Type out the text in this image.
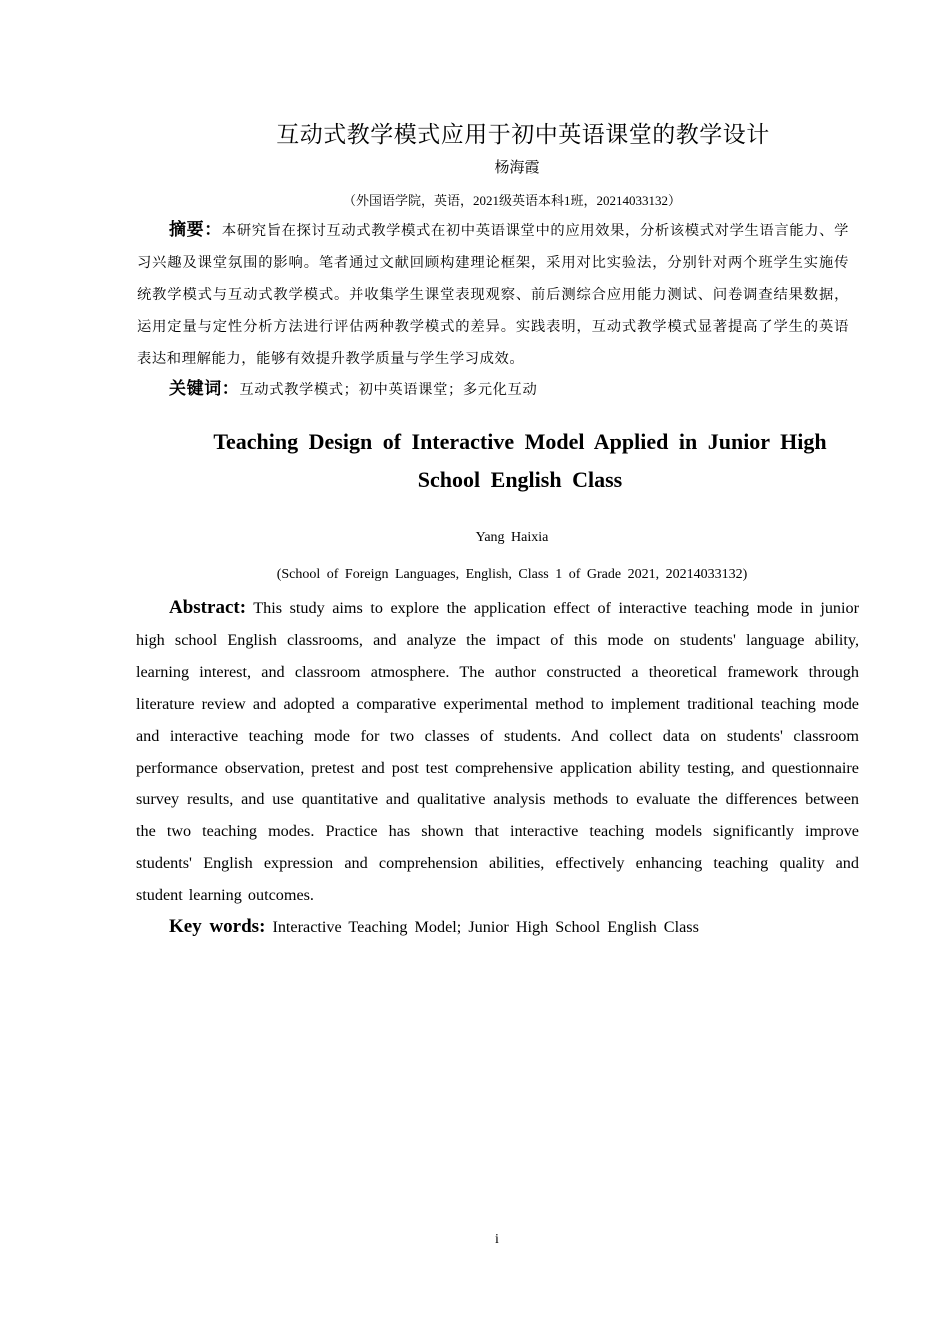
互动式教学模式应用于初中英语课堂的教学设计
杨海霞
（外国语学院，英语，2021级英语本科1班，20214033132）
摘要：本研究旨在探讨互动式教学模式在初中英语课堂中的应用效果，分析该模式对学生语言能力、学习兴趣及课堂氛围的影响。笔者通过文献回顾构建理论框架，采用对比实验法，分别针对两个班学生实施传统教学模式与互动式教学模式。并收集学生课堂表现观察、前后测综合应用能力测试、问卷调查结果数据，运用定量与定性分析方法进行评估两种教学模式的差异。实践表明，互动式教学模式显著提高了学生的英语表达和理解能力，能够有效提升教学质量与学生学习成效。
关键词：互动式教学模式；初中英语课堂；多元化互动
Teaching Design of Interactive Model Applied in Junior High School English Class
Yang Haixia
(School of Foreign Languages, English, Class 1 of Grade 2021, 20214033132)
Abstract: This study aims to explore the application effect of interactive teaching mode in junior high school English classrooms, and analyze the impact of this mode on students' language ability, learning interest, and classroom atmosphere. The author constructed a theoretical framework through literature review and adopted a comparative experimental method to implement traditional teaching mode and interactive teaching mode for two classes of students. And collect data on students' classroom performance observation, pretest and post test comprehensive application ability testing, and questionnaire survey results, and use quantitative and qualitative analysis methods to evaluate the differences between the two teaching modes. Practice has shown that interactive teaching models significantly improve students' English expression and comprehension abilities, effectively enhancing teaching quality and student learning outcomes.
Key words: Interactive Teaching Model; Junior High School English Class
i
